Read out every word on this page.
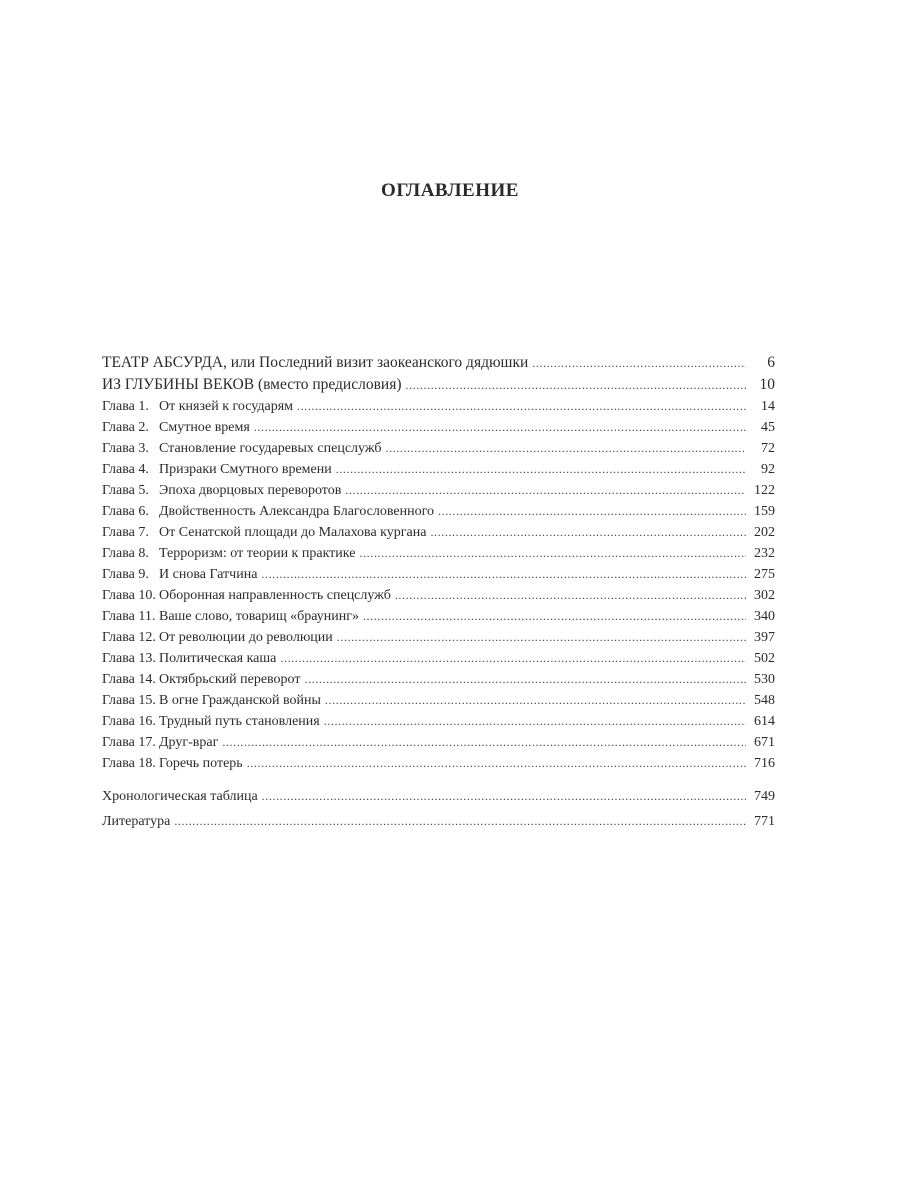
ОГЛАВЛЕНИЕ
ТЕАТР АБСУРДА, или Последний визит заокеанского дядюшки . . .	6
ИЗ ГЛУБИНЫ ВЕКОВ (вместо предисловия) . . .	10
Глава 1. От князей к государям . . .	14
Глава 2. Смутное время . . .	45
Глава 3. Становление государевых спецслужб . . .	72
Глава 4. Призраки Смутного времени . . .	92
Глава 5. Эпоха дворцовых переворотов . . .	122
Глава 6. Двойственность Александра Благословенного . . .	159
Глава 7. От Сенатской площади до Малахова кургана . . .	202
Глава 8. Терроризм: от теории к практике . . .	232
Глава 9. И снова Гатчина . . .	275
Глава 10. Оборонная направленность спецслужб . . .	302
Глава 11. Ваше слово, товарищ «браунинг» . . .	340
Глава 12. От революции до революции . . .	397
Глава 13. Политическая каша . . .	502
Глава 14. Октябрьский переворот . . .	530
Глава 15. В огне Гражданской войны . . .	548
Глава 16. Трудный путь становления . . .	614
Глава 17. Друг-враг . . .	671
Глава 18. Горечь потерь . . .	716
Хронологическая таблица . . .	749
Литература . . .	771
